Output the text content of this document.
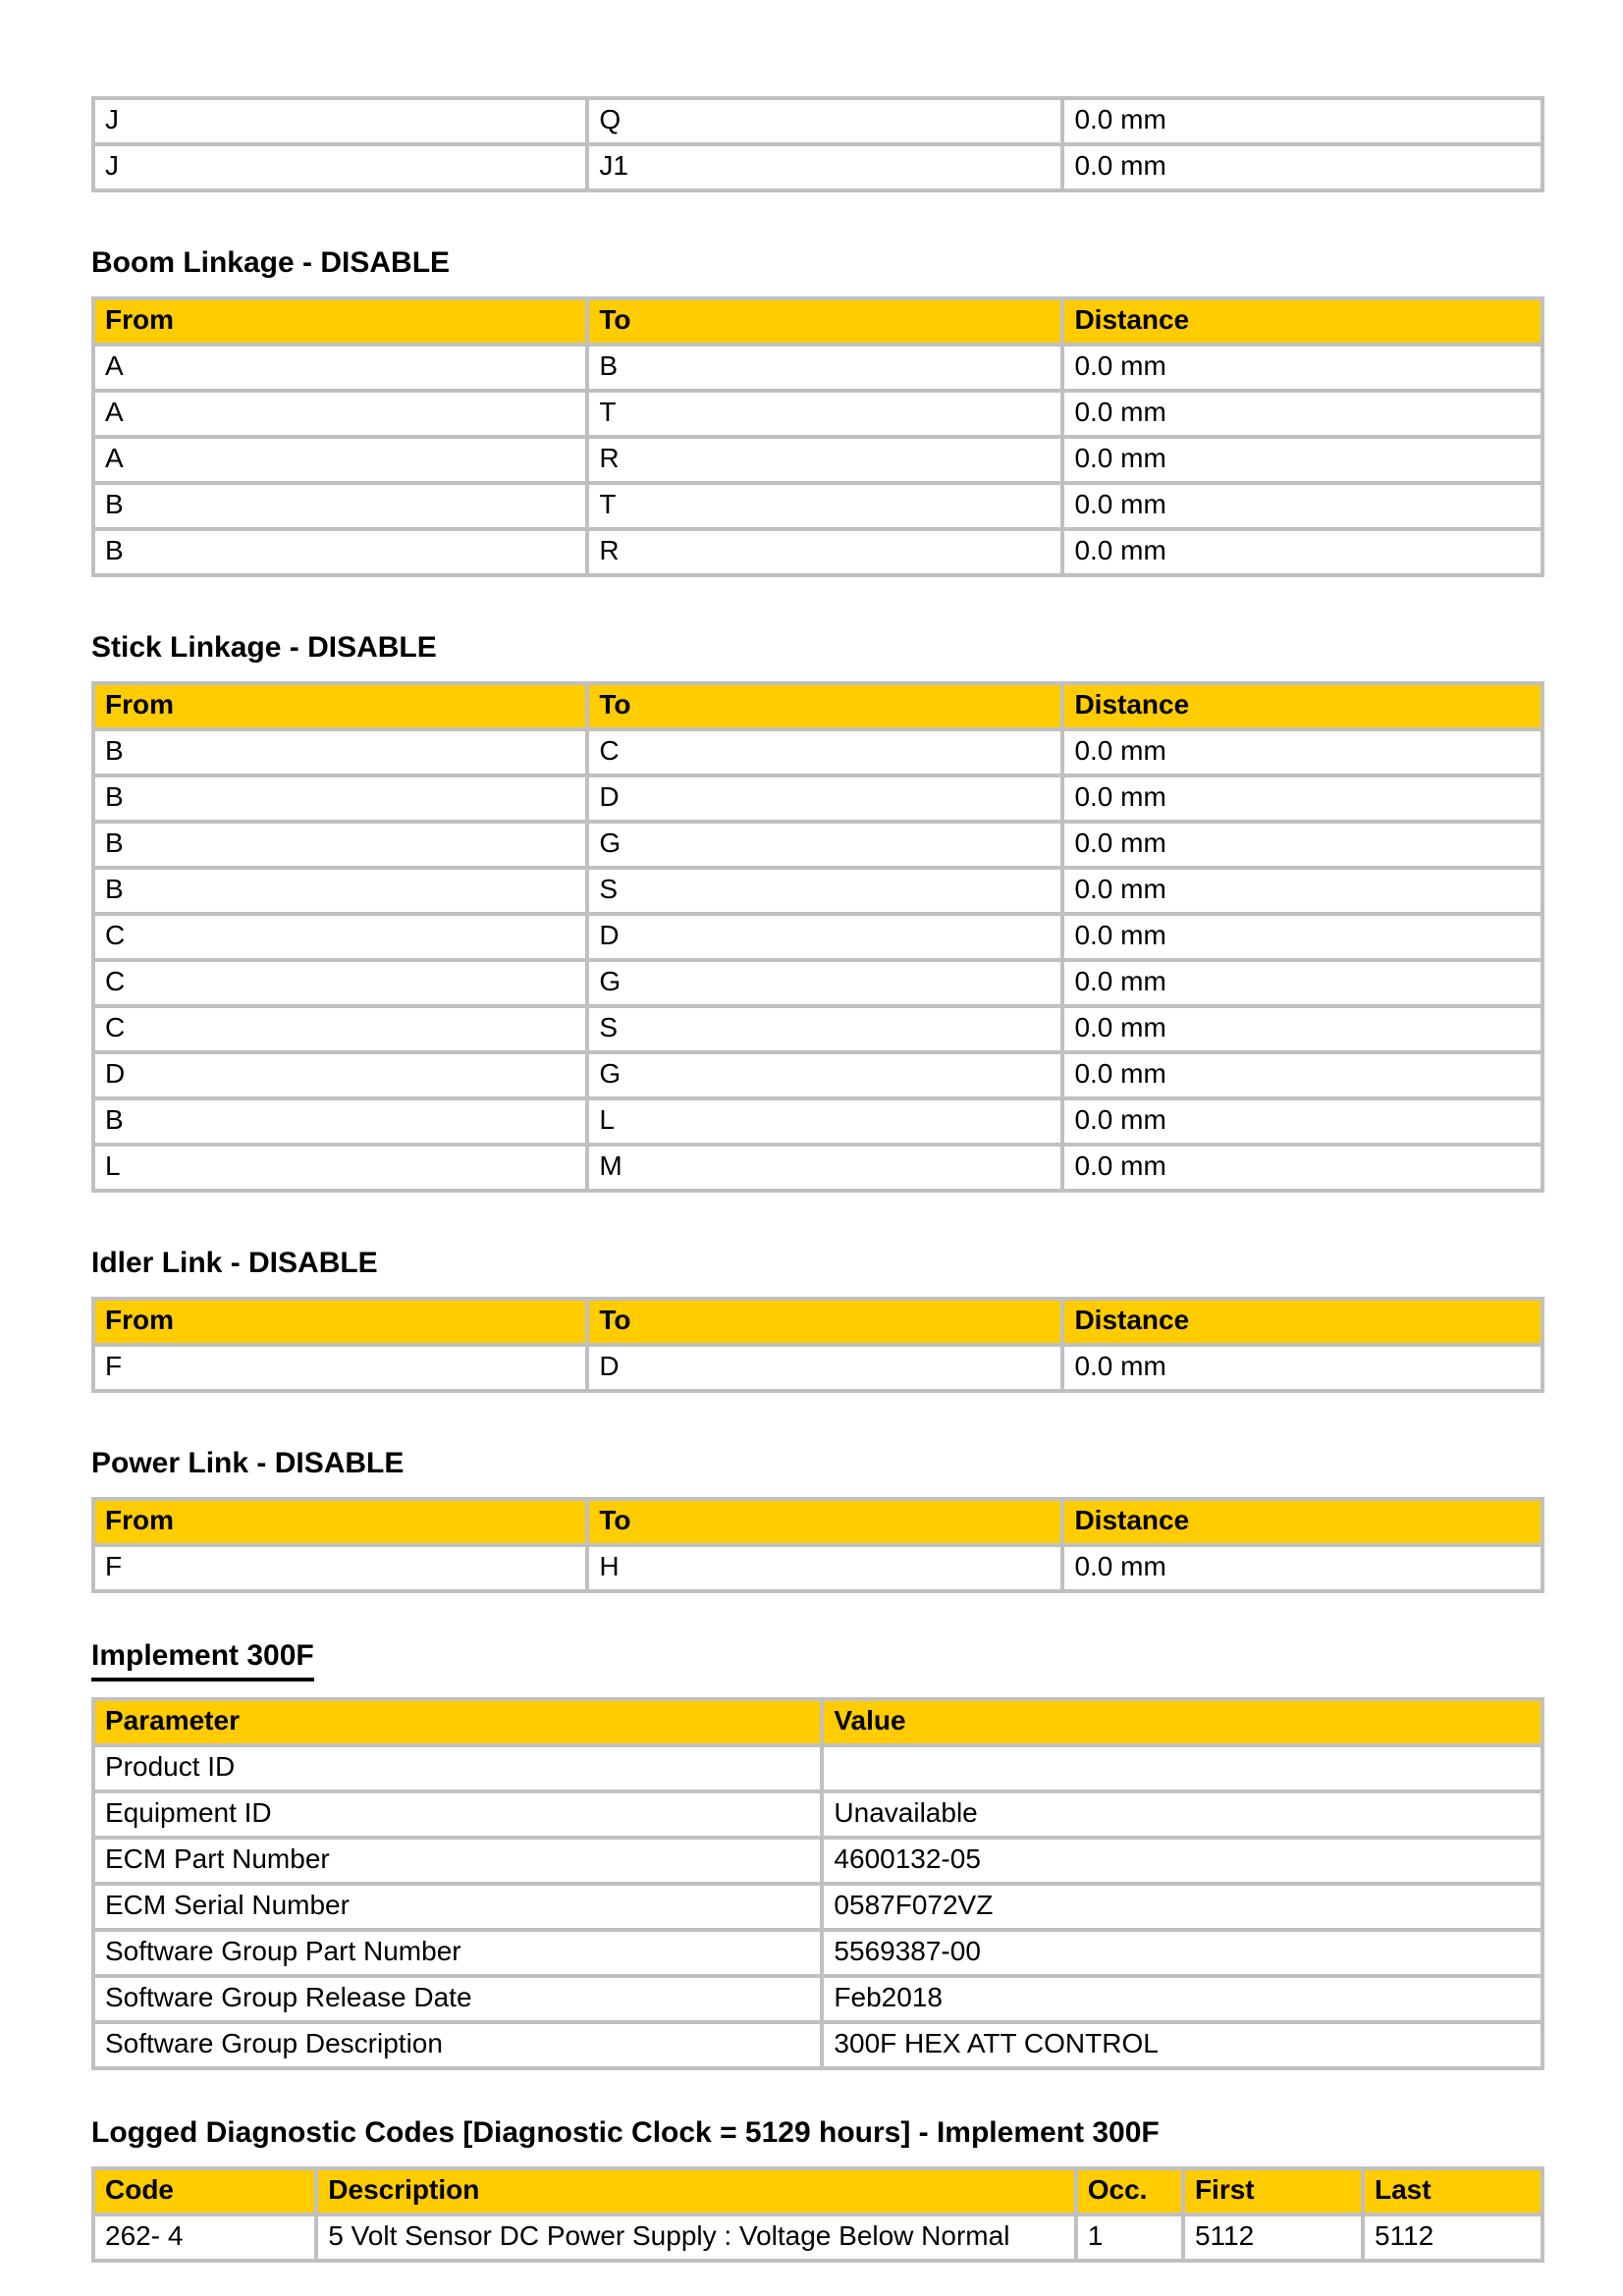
J	Q	0.0 mm
J	J1	0.0 mm
Boom Linkage - DISABLE
From	To	Distance
A	B	0.0 mm
A	T	0.0 mm
A	R	0.0 mm
B	T	0.0 mm
B	R	0.0 mm
Stick Linkage - DISABLE
From	To	Distance
B	C	0.0 mm
B	D	0.0 mm
B	G	0.0 mm
B	S	0.0 mm
C	D	0.0 mm
C	G	0.0 mm
C	S	0.0 mm
D	G	0.0 mm
B	L	0.0 mm
L	M	0.0 mm
Idler Link - DISABLE
From	To	Distance
F	D	0.0 mm
Power Link - DISABLE
From	To	Distance
F	H	0.0 mm
Implement 300F
Parameter	Value
Product ID	
Equipment ID	Unavailable
ECM Part Number	4600132-05
ECM Serial Number	0587F072VZ
Software Group Part Number	5569387-00
Software Group Release Date	Feb2018
Software Group Description	300F HEX ATT CONTROL
Logged Diagnostic Codes [Diagnostic Clock = 5129 hours] - Implement 300F
Code	Description	Occ.	First	Last
262- 4	5 Volt Sensor DC Power Supply : Voltage Below Normal	1	5112	5112
